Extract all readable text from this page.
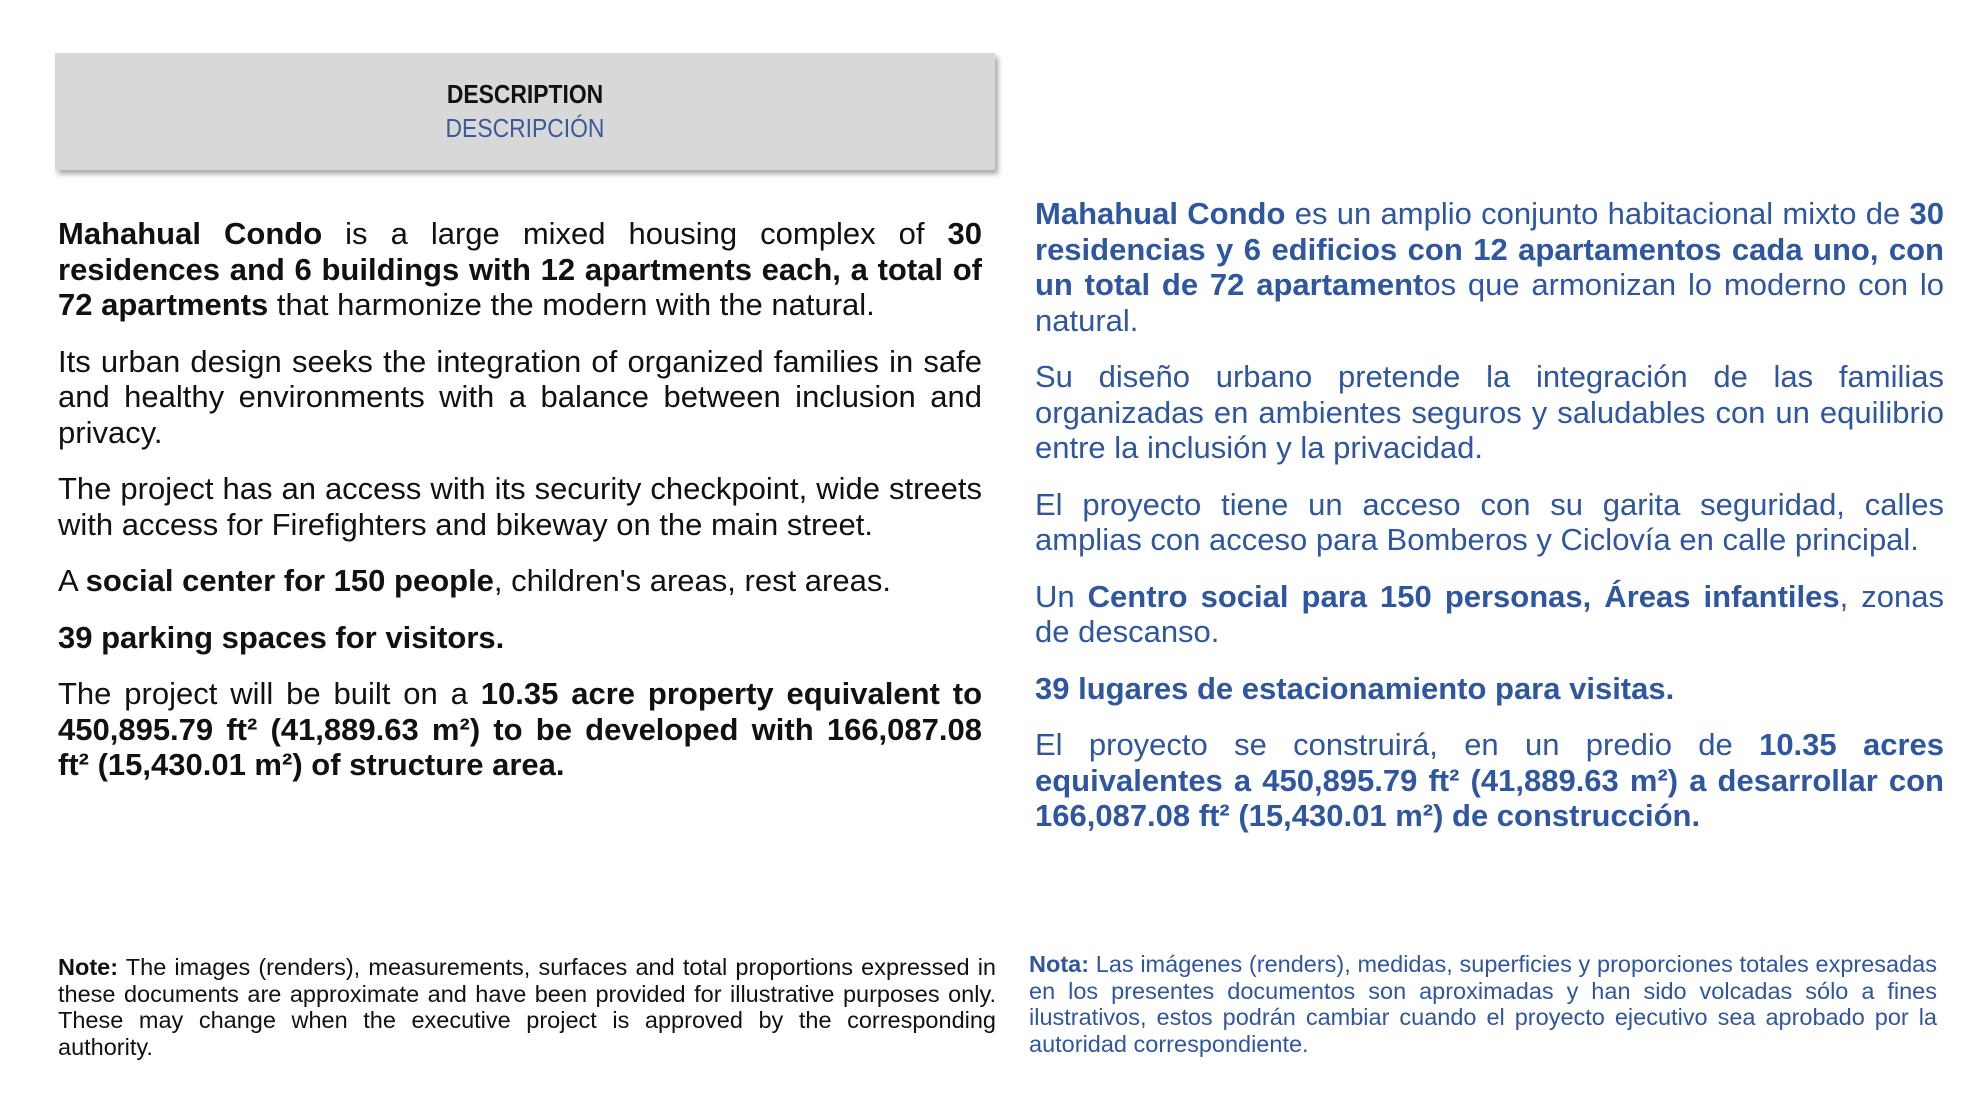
DESCRIPTION
DESCRIPCIÓN

Mahahual Condo is a large mixed housing complex of 30 residences and 6 buildings with 12 apartments each, a total of 72 apartments that harmonize the modern with the natural.

Its urban design seeks the integration of organized families in safe and healthy environments with a balance between inclusion and privacy.

The project has an access with its security checkpoint, wide streets with access for Firefighters and bikeway on the main street.

A social center for 150 people, children's areas, rest areas.

39 parking spaces for visitors.

The project will be built on a 10.35 acre property equivalent to 450,895.79 ft² (41,889.63 m²) to be developed with 166,087.08 ft² (15,430.01 m²) of structure area.

Mahahual Condo es un amplio conjunto habitacional mixto de 30 residencias y 6 edificios con 12 apartamentos cada uno, con un total de 72 apartamentos que armonizan lo moderno con lo natural.

Su diseño urbano pretende la integración de las familias organizadas en ambientes seguros y saludables con un equilibrio entre la inclusión y la privacidad.

El proyecto tiene un acceso con su garita seguridad, calles amplias con acceso para Bomberos y Ciclovía en calle principal.

Un Centro social para 150 personas, Áreas infantiles, zonas de descanso.

39 lugares de estacionamiento para visitas.

El proyecto se construirá, en un predio de 10.35 acres equivalentes a 450,895.79 ft² (41,889.63 m²) a desarrollar con 166,087.08 ft² (15,430.01 m²) de construcción.

Note: The images (renders), measurements, surfaces and total proportions expressed in these documents are approximate and have been provided for illustrative purposes only. These may change when the executive project is approved by the corresponding authority.
Nota: Las imágenes (renders), medidas, superficies y proporciones totales expresadas en los presentes documentos son aproximadas y han sido volcadas sólo a fines ilustrativos, estos podrán cambiar cuando el proyecto ejecutivo sea aprobado por la autoridad correspondiente.
